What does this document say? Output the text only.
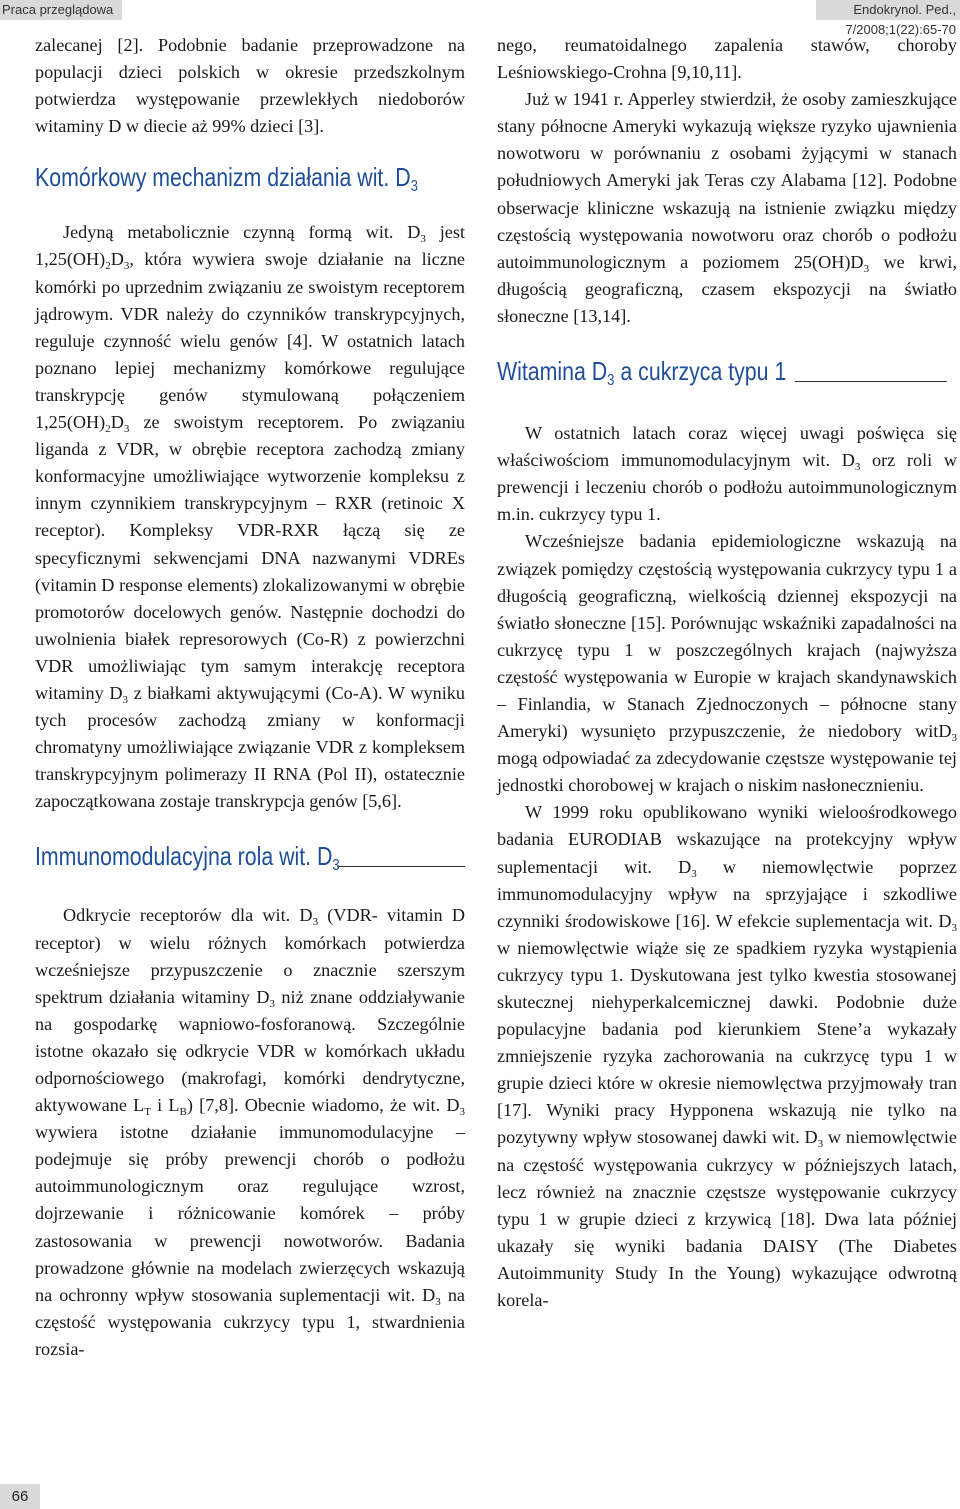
Praca przeglądowa	Endokrynol. Ped., 7/2008;1(22):65-70

zalecanej [2]. Podobnie badanie przeprowadzone na populacji dzieci polskich w okresie przedszkolnym potwierdza występowanie przewlekłych niedoborów witaminy D w diecie aż 99% dzieci [3].

Komórkowy mechanizm działania wit. $D_3$

Jedyną metabolicznie czynną formą wit. $D_3$ jest $1,25(OH)_2D_3$, która wywiera swoje działanie na liczne komórki po uprzednim związaniu ze swoistym receptorem jądrowym. VDR należy do czynników transkrypcyjnych, reguluje czynność wielu genów [4]. W ostatnich latach poznano lepiej mechanizmy komórkowe regulujące transkrypcję genów stymulowaną połączeniem $1,25(OH)_2D_3$ ze swoistym receptorem. Po związaniu liganda z VDR, w obrębie receptora zachodzą zmiany konformacyjne umożliwiające wytworzenie kompleksu z innym czynnikiem transkrypcyjnym – RXR (retinoic X receptor). Kompleksy VDR-RXR łączą się ze specyficznymi sekwencjami DNA nazwanymi VDREs (vitamin D response elements) zlokalizowanymi w obrębie promotorów docelowych genów. Następnie dochodzi do uwolnienia białek represorowych (Co-R) z powierzchni VDR umożliwiając tym samym interakcję receptora witaminy $D_3$ z białkami aktywującymi (Co-A). W wyniku tych procesów zachodzą zmiany w konformacji chromatyny umożliwiające związanie VDR z kompleksem transkrypcyjnym polimerazy II RNA (Pol II), ostatecznie zapoczątkowana zostaje transkrypcja genów [5,6].

Immunomodulacyjna rola wit. $D_3$

Odkrycie receptorów dla wit. $D_3$ (VDR- vitamin D receptor) w wielu różnych komórkach potwierdza wcześniejsze przypuszczenie o znacznie szerszym spektrum działania witaminy $D_3$ niż znane oddziaływanie na gospodarkę wapniowo-fosforanową. Szczególnie istotne okazało się odkrycie VDR w komórkach układu odpornościowego (makrofagi, komórki dendrytyczne, aktywowane $L_T$ i $L_B$) [7,8]. Obecnie wiadomo, że wit. $D_3$ wywiera istotne działanie immunomodulacyjne – podejmuje się próby prewencji chorób o podłożu autoimmunologicznym oraz regulujące wzrost, dojrzewanie i różnicowanie komórek – próby zastosowania w prewencji nowotworów. Badania prowadzone głównie na modelach zwierzęcych wskazują na ochronny wpływ stosowania suplementacji wit. $D_3$ na częstość występowania cukrzycy typu 1, stwardnienia rozsia-

nego, reumatoidalnego zapalenia stawów, choroby Leśniowskiego-Crohna [9,10,11].

Już w 1941 r. Apperley stwierdził, że osoby zamieszkujące stany północne Ameryki wykazują większe ryzyko ujawnienia nowotworu w porównaniu z osobami żyjącymi w stanach południowych Ameryki jak Teras czy Alabama [12]. Podobne obserwacje kliniczne wskazują na istnienie związku między częstością występowania nowotworu oraz chorób o podłożu autoimmunologicznym a poziomem $25(OH)D_3$ we krwi, długością geograficzną, czasem ekspozycji na światło słoneczne [13,14].

Witamina $D_3$ a cukrzyca typu 1

W ostatnich latach coraz więcej uwagi poświęca się właściwościom immunomodulacyjnym wit. $D_3$ orz roli w prewencji i leczeniu chorób o podłożu autoimmunologicznym m.in. cukrzycy typu 1.

Wcześniejsze badania epidemiologiczne wskazują na związek pomiędzy częstością występowania cukrzycy typu 1 a długością geograficzną, wielkością dziennej ekspozycji na światło słoneczne [15]. Porównując wskaźniki zapadalności na cukrzycę typu 1 w poszczególnych krajach (najwyższa częstość występowania w Europie w krajach skandynawskich – Finlandia, w Stanach Zjednoczonych – północne stany Ameryki) wysunięto przypuszczenie, że niedobory witD$_3$ mogą odpowiadać za zdecydowanie częstsze występowanie tej jednostki chorobowej w krajach o niskim nasłonecznieniu.

W 1999 roku opublikowano wyniki wieloośrodkowego badania EURODIAB wskazujące na protekcyjny wpływ suplementacji wit. $D_3$ w niemowlęctwie poprzez immunomodulacyjny wpływ na sprzyjające i szkodliwe czynniki środowiskowe [16]. W efekcie suplementacja wit. $D_3$ w niemowlęctwie wiąże się ze spadkiem ryzyka wystąpienia cukrzycy typu 1. Dyskutowana jest tylko kwestia stosowanej skutecznej niehyperkalcemicznej dawki. Podobnie duże populacyjne badania pod kierunkiem Stene’a wykazały zmniejszenie ryzyka zachorowania na cukrzycę typu 1 w grupie dzieci które w okresie niemowlęctwa przyjmowały tran [17]. Wyniki pracy Hypponena wskazują nie tylko na pozytywny wpływ stosowanej dawki wit. $D_3$ w niemowlęctwie na częstość występowania cukrzycy w późniejszych latach, lecz również na znacznie częstsze występowanie cukrzycy typu 1 w grupie dzieci z krzywicą [18]. Dwa lata później ukazały się wyniki badania DAISY (The Diabetes Autoimmunity Study In the Young) wykazujące odwrotną korela-

66
